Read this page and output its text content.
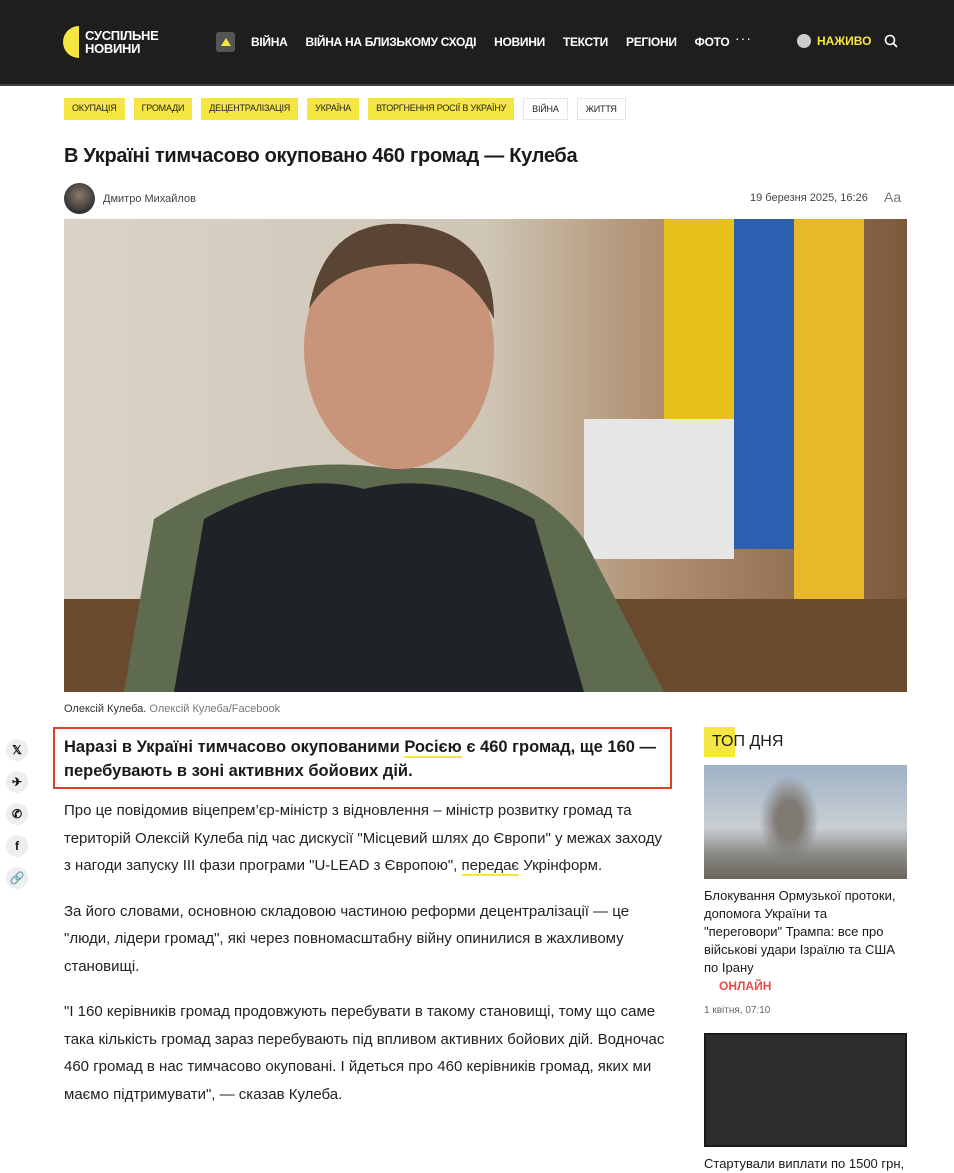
СУСПІЛЬНЕ
НОВИНИ	ВІЙНА ВІЙНА НА БЛИЗЬКОМУ СХОДІ НОВИНИ ТЕКСТИ РЕГІОНИ ФОТО ···	НАЖИВО
ОКУПАЦІЯ	ГРОМАДИ	ДЕЦЕНТРАЛІЗАЦІЯ	УКРАЇНА	ВТОРГНЕННЯ РОСІЇ В УКРАЇНУ	ВІЙНА	ЖИТТЯ
В Україні тимчасово окуповано 460 громад — Кулеба
Дмитро Михайлов	19 березня 2025, 16:26 Aа
Олексій Кулеба. Олексій Кулеба/Facebook
𝕏
✈
✆
f
🔗
Наразі в Україні тимчасово окупованими Росією є 460 громад, ще 160 — перебувають в зоні активних бойових дій.

Про це повідомив віцепрем’єр-міністр з відновлення – міністр розвитку громад та територій Олексій Кулеба під час дискусії "Місцевий шлях до Європи" у межах заходу з нагоди запуску ІІІ фази програми "U-LEAD з Європою", передає Укрінформ.

За його словами, основною складовою частиною реформи децентралізації — це "люди, лідери громад", які через повномасштабну війну опинилися в жахливому становищі.

"І 160 керівників громад продовжують перебувати в такому становищі, тому що саме така кількість громад зараз перебувають під впливом активних бойових дій. Водночас 460 громад в нас тимчасово окуповані. І йдеться про 460 керівників громад, яких ми маємо підтримувати", — сказав Кулеба.

ТОП ДНЯ
Блокування Ормузької протоки, допомога України та "переговори" Трампа: все про військові удари Ізраїлю та США по Ірану
ОНЛАЙН
1 квітня, 07:10
Стартували виплати по 1500 грн,
